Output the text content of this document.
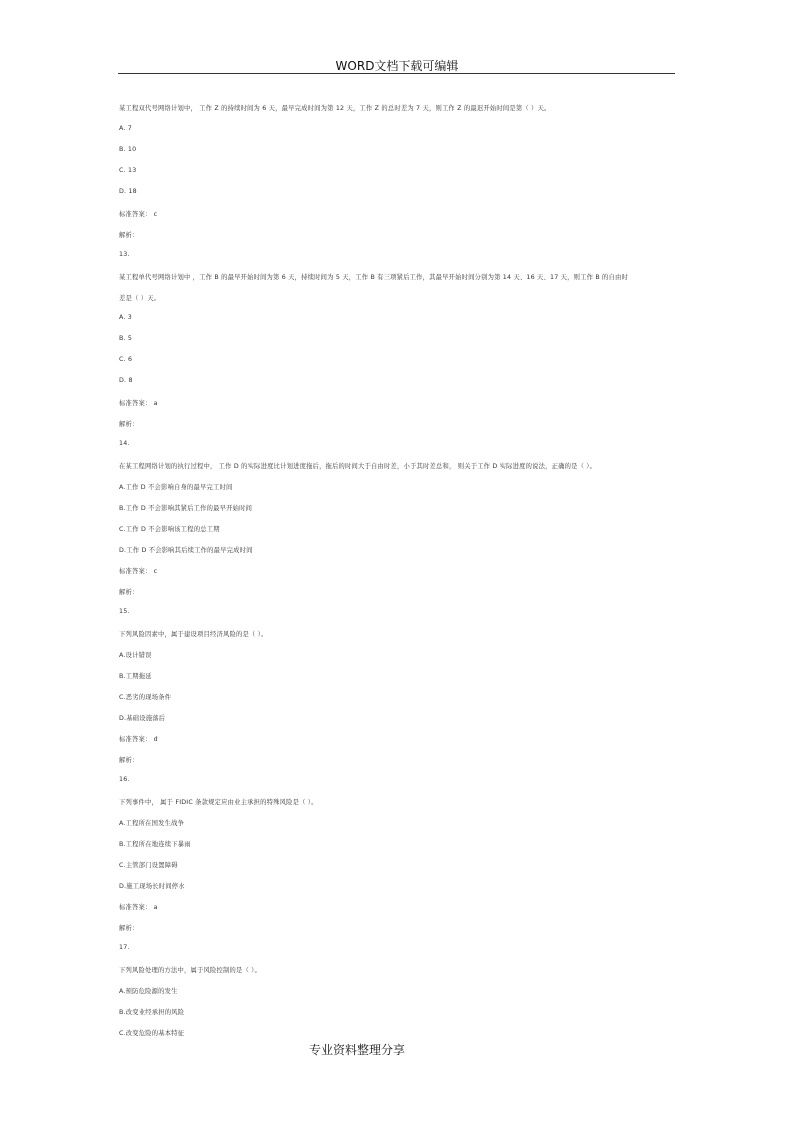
WORD文档下载可编辑
某工程双代号网络计划中， 工作 Z 的持续时间为 6 天，最早完成时间为第 12 天，工作 Z 的总时差为 7 天，则工作 Z 的最迟开始时间是第（ ）天。
A. 7
B. 10
C. 13
D. 18
标准答案： c
解析：
13.
某工程单代号网络计划中 ，工作 B 的最早开始时间为第 6 天，持续时间为 5 天，工作 B 有三项紧后工作，其最早开始时间分别为第 14 天、16 天、17 天，则工作 B 的自由时
差是（ ）天。
A. 3
B. 5
C. 6
D. 8
标准答案： a
解析：
14.
在某工程网络计划的执行过程中， 工作 D 的实际进度比计划进度拖后，拖后的时间大于自由时差，小于其时差总和， 则关于工作 D 实际进度的说法，正确的是（ ）。
A.工作 D 不会影响自身的最早完工时间
B.工作 D 不会影响其紧后工作的最早开始时间
C.工作 D 不会影响该工程的总工期
D.工作 D 不会影响其后续工作的最早完成时间
标准答案： c
解析：
15.
下列风险因素中，属于建设项目经济风险的是（ ）。
A.设计错误
B.工期拖延
C.恶劣的现场条件
D.基础设施落后
标准答案： d
解析：
16.
下列事件中， 属于 FIDIC 条款规定应由业主承担的特殊风险是（ ）。
A.工程所在国发生战争
B.工程所在地连续下暴雨
C.主管部门设置障碍
D.施工现场长时间停水
标准答案： a
解析：
17.
下列风险处理的方法中，属于风险控制的是（ ）。
A.预防危险源的发生
B.改变业经承担的风险
C.改变危险的基本特征
专业资料整理分享
